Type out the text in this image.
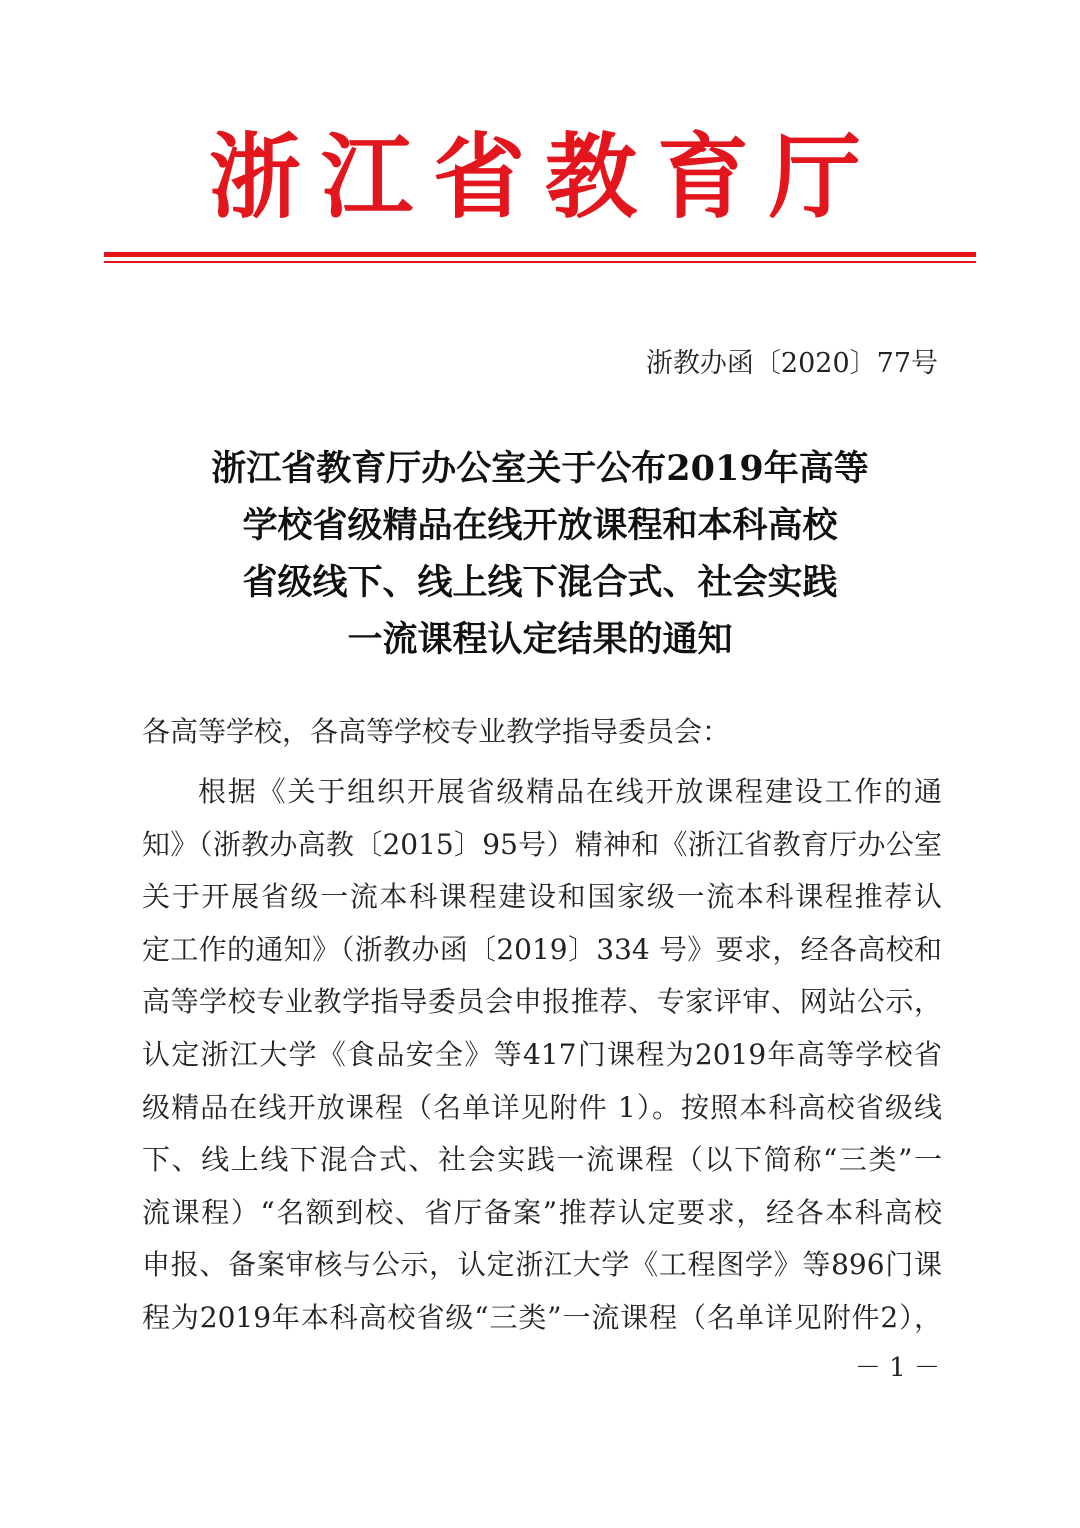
浙江省教育厅
浙教办函〔2020〕77号
浙江省教育厅办公室关于公布2019年高等
学校省级精品在线开放课程和本科高校
省级线下、线上线下混合式、社会实践
一流课程认定结果的通知
各高等学校，各高等学校专业教学指导委员会：
根据《关于组织开展省级精品在线开放课程建设工作的通
知》（浙教办高教〔2015〕95号）精神和《浙江省教育厅办公室
关于开展省级一流本科课程建设和国家级一流本科课程推荐认
定工作的通知》（浙教办函〔2019〕334 号》要求，经各高校和
高等学校专业教学指导委员会申报推荐、专家评审、网站公示，
认定浙江大学《食品安全》等417门课程为2019年高等学校省
级精品在线开放课程（名单详见附件 1）。按照本科高校省级线
下、线上线下混合式、社会实践一流课程（以下简称“三类”一
流课程）“名额到校、省厅备案”推荐认定要求，经各本科高校
申报、备案审核与公示，认定浙江大学《工程图学》等896门课
程为2019年本科高校省级“三类”一流课程（名单详见附件2），
－ 1 －
